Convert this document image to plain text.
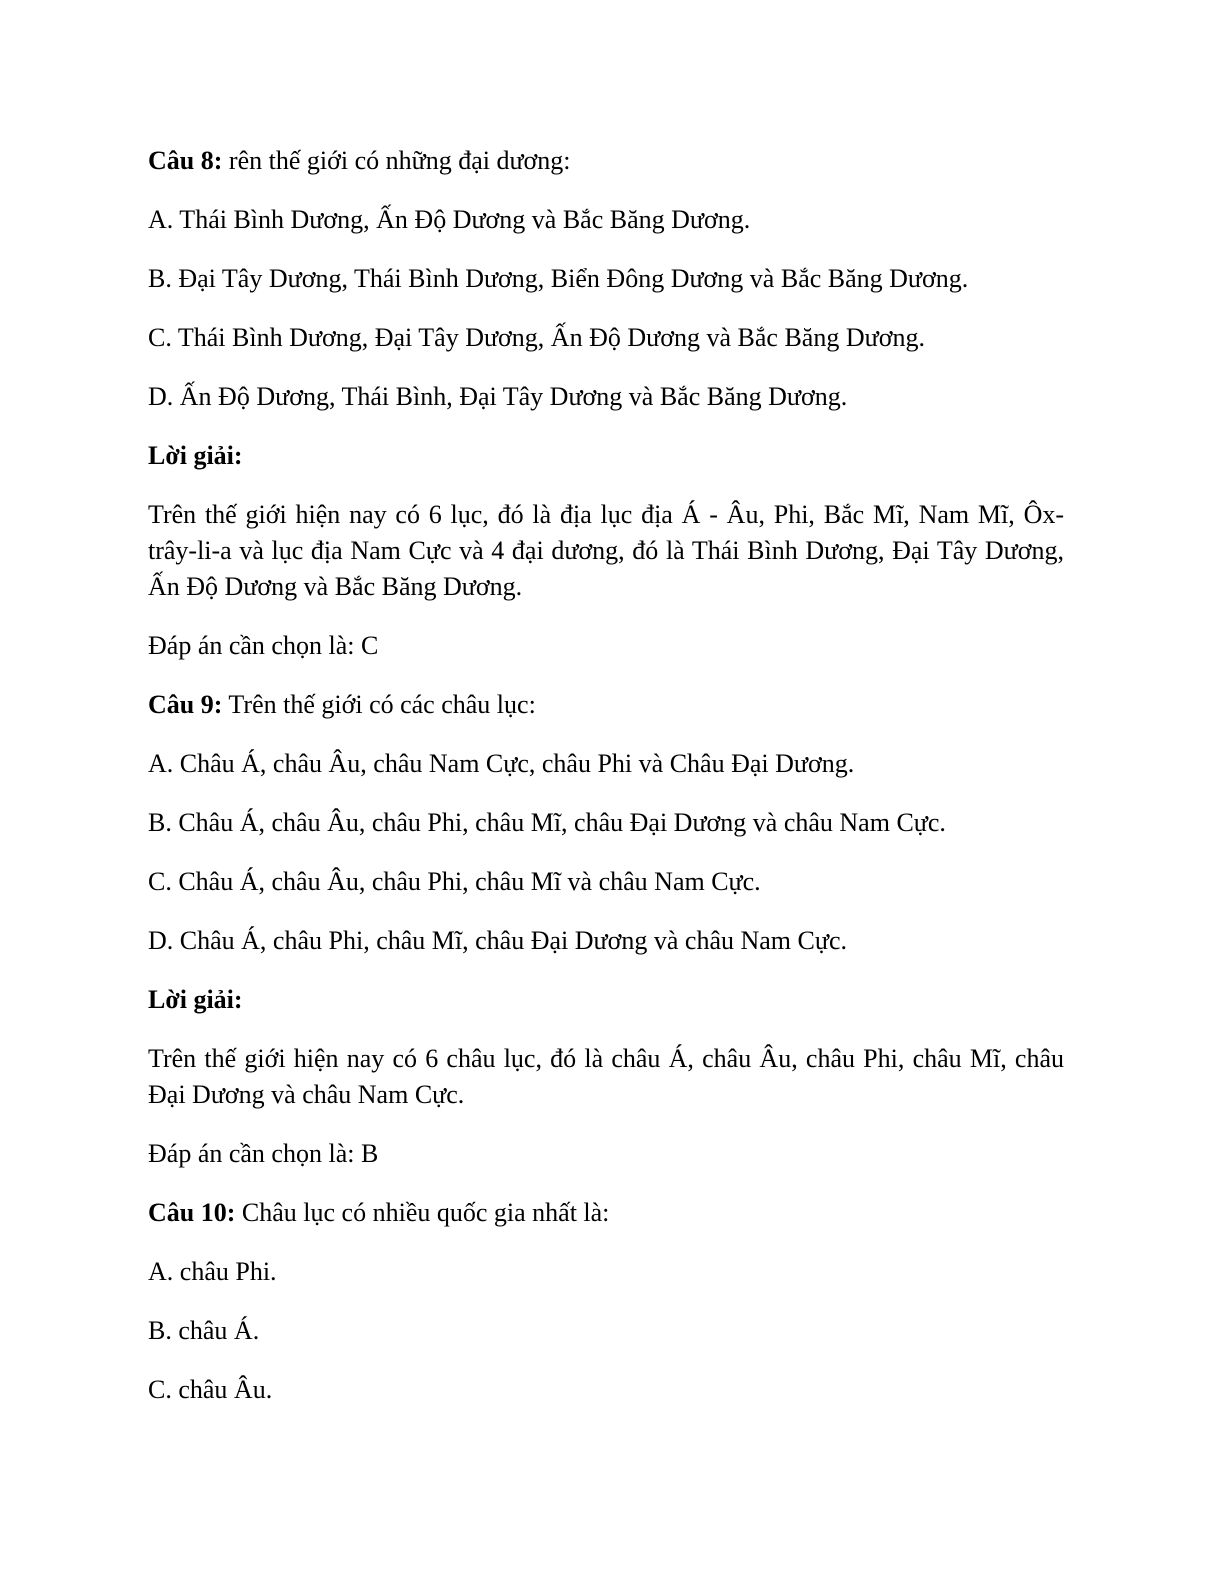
Câu 8: rên thế giới có những đại dương:
A. Thái Bình Dương, Ấn Độ Dương và Bắc Băng Dương.
B. Đại Tây Dương, Thái Bình Dương, Biển Đông Dương và Bắc Băng Dương.
C. Thái Bình Dương, Đại Tây Dương, Ấn Độ Dương và Bắc Băng Dương.
D. Ấn Độ Dương, Thái Bình, Đại Tây Dương và Bắc Băng Dương.
Lời giải:
Trên thế giới hiện nay có 6 lục, đó là địa lục địa Á - Âu, Phi, Bắc Mĩ, Nam Mĩ, Ôx-trây-li-a và lục địa Nam Cực và 4 đại dương, đó là Thái Bình Dương, Đại Tây Dương, Ấn Độ Dương và Bắc Băng Dương.
Đáp án cần chọn là: C
Câu 9: Trên thế giới có các châu lục:
A. Châu Á, châu Âu, châu Nam Cực, châu Phi và Châu Đại Dương.
B. Châu Á, châu Âu, châu Phi, châu Mĩ, châu Đại Dương và châu Nam Cực.
C. Châu Á, châu Âu, châu Phi, châu Mĩ và châu Nam Cực.
D. Châu Á, châu Phi, châu Mĩ, châu Đại Dương và châu Nam Cực.
Lời giải:
Trên thế giới hiện nay có 6 châu lục, đó là châu Á, châu Âu, châu Phi, châu Mĩ, châu Đại Dương và châu Nam Cực.
Đáp án cần chọn là: B
Câu 10: Châu lục có nhiều quốc gia nhất là:
A. châu Phi.
B. châu Á.
C. châu Âu.
